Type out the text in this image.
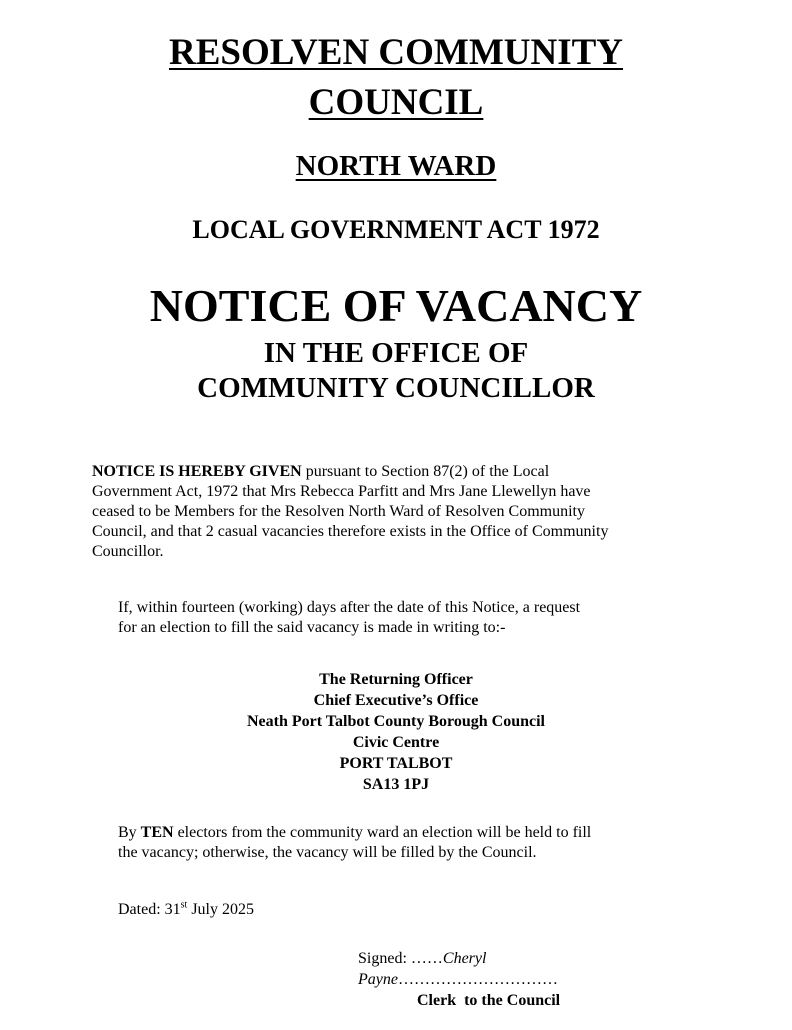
RESOLVEN COMMUNITY
COUNCIL
NORTH WARD
LOCAL GOVERNMENT ACT 1972
NOTICE OF VACANCY
IN THE OFFICE OF
COMMUNITY COUNCILLOR
NOTICE IS HEREBY GIVEN pursuant to Section 87(2) of the Local
Government Act, 1972 that Mrs Rebecca Parfitt and Mrs Jane Llewellyn have
ceased to be Members for the Resolven North Ward of Resolven Community
Council, and that 2 casual vacancies therefore exists in the Office of Community
Councillor.
If, within fourteen (working) days after the date of this Notice, a request
for an election to fill the said vacancy is made in writing to:-
The Returning Officer
Chief Executive’s Office
Neath Port Talbot County Borough Council
Civic Centre
PORT TALBOT
SA13 1PJ
By TEN electors from the community ward an election will be held to fill
the vacancy; otherwise, the vacancy will be filled by the Council.
Dated: 31st July 2025
Signed: ……Cheryl
Payne…………………………
Clerk  to the Council
